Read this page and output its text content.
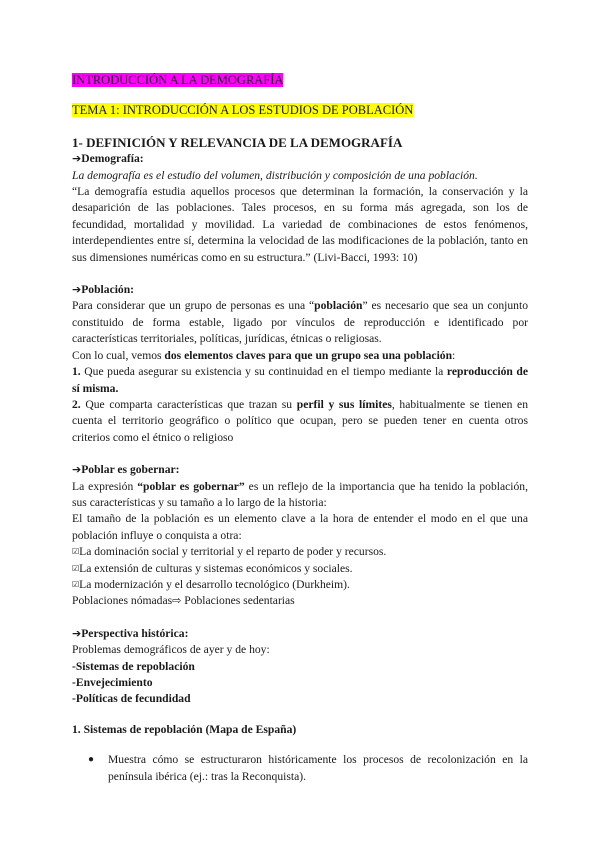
INTRODUCCIÓN A LA DEMOGRAFÍA
TEMA 1: INTRODUCCIÓN A LOS ESTUDIOS DE POBLACIÓN
1- DEFINICIÓN Y RELEVANCIA DE LA DEMOGRAFÍA

➔Demografía:

La demografía es el estudio del volumen, distribución y composición de una población.

“La demografía estudia aquellos procesos que determinan la formación, la conservación y la desaparición de las poblaciones. Tales procesos, en su forma más agregada, son los de fecundidad, mortalidad y movilidad. La variedad de combinaciones de estos fenómenos, interdependientes entre sí, determina la velocidad de las modificaciones de la población, tanto en sus dimensiones numéricas como en su estructura.” (Livi-Bacci, 1993: 10)

➔Población:

Para considerar que un grupo de personas es una “población” es necesario que sea un conjunto constituido de forma estable, ligado por vínculos de reproducción e identificado por características territoriales, políticas, jurídicas, étnicas o religiosas.

Con lo cual, vemos dos elementos claves para que un grupo sea una población:

1. Que pueda asegurar su existencia y su continuidad en el tiempo mediante la reproducción de sí misma.

2. Que comparta características que trazan su perfil y sus límites, habitualmente se tienen en cuenta el territorio geográfico o político que ocupan, pero se pueden tener en cuenta otros criterios como el étnico o religioso

➔Poblar es gobernar:

La expresión “poblar es gobernar” es un reflejo de la importancia que ha tenido la población, sus características y su tamaño a lo largo de la historia:

El tamaño de la población es un elemento clave a la hora de entender el modo en el que una población influye o conquista a otra:

☑La dominación social y territorial y el reparto de poder y recursos.

☑La extensión de culturas y sistemas económicos y sociales.

☑La modernización y el desarrollo tecnológico (Durkheim).

Poblaciones nómadas⇨ Poblaciones sedentarias

➔Perspectiva histórica:

Problemas demográficos de ayer y de hoy:

-Sistemas de repoblación

-Envejecimiento

-Políticas de fecundidad

1. Sistemas de repoblación (Mapa de España)

●	Muestra cómo se estructuraron históricamente los procesos de recolonización en la península ibérica (ej.: tras la Reconquista).
